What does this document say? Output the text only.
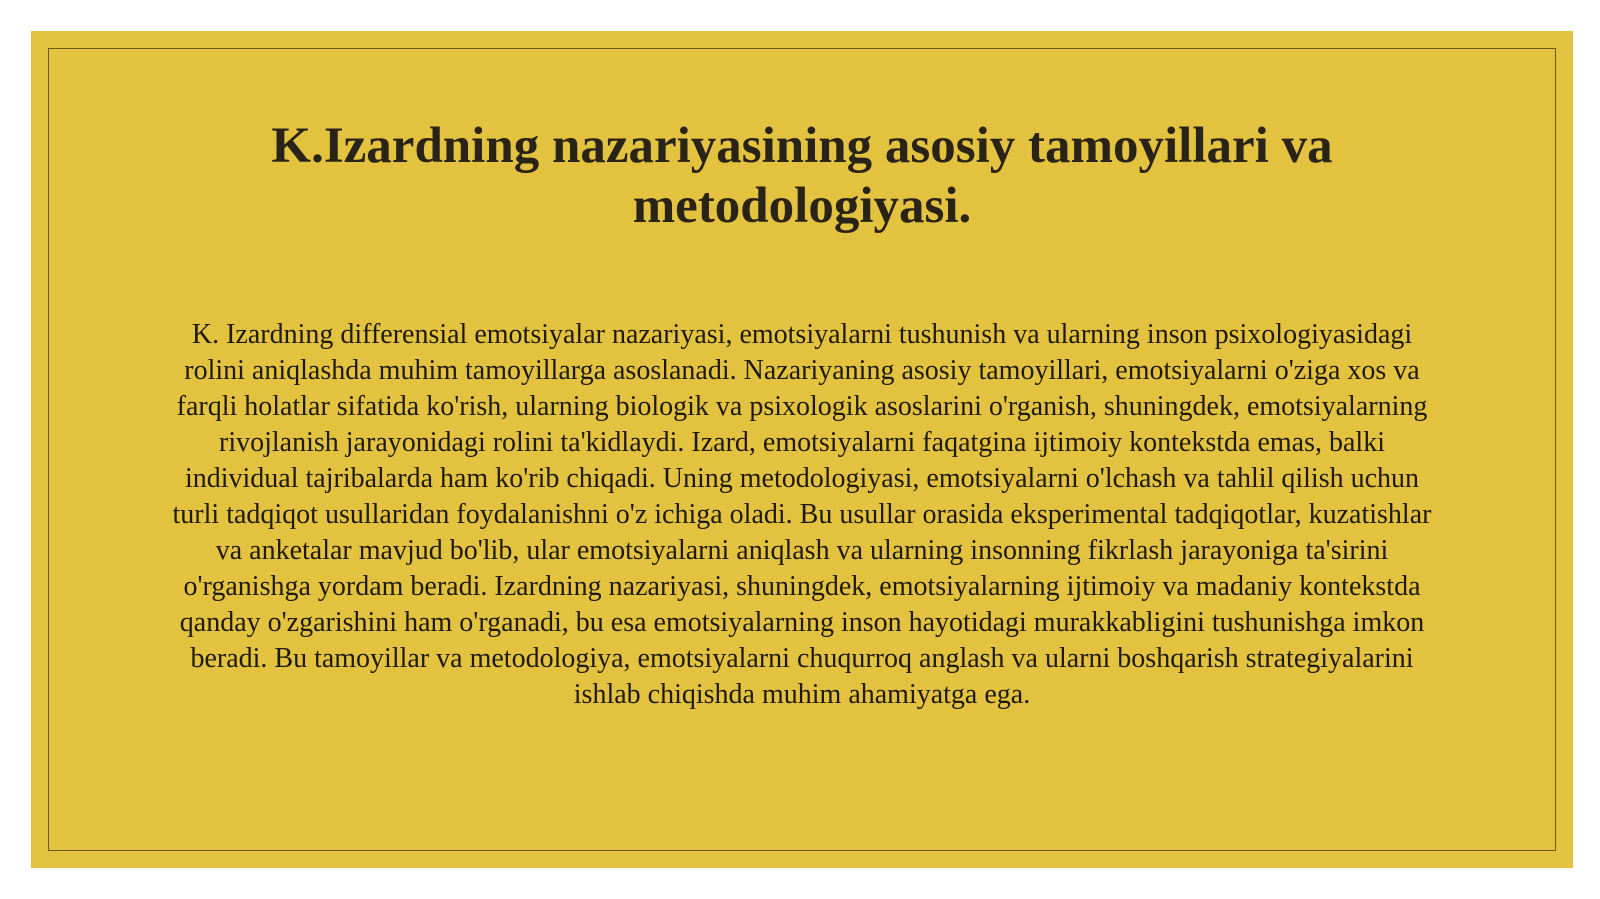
K.Izardning nazariyasining asosiy tamoyillari va metodologiyasi.

K. Izardning differensial emotsiyalar nazariyasi, emotsiyalarni tushunish va ularning inson psixologiyasidagi rolini aniqlashda muhim tamoyillarga asoslanadi. Nazariyaning asosiy tamoyillari, emotsiyalarni o'ziga xos va farqli holatlar sifatida ko'rish, ularning biologik va psixologik asoslarini o'rganish, shuningdek, emotsiyalarning rivojlanish jarayonidagi rolini ta'kidlaydi. Izard, emotsiyalarni faqatgina ijtimoiy kontekstda emas, balki individual tajribalarda ham ko'rib chiqadi. Uning metodologiyasi, emotsiyalarni o'lchash va tahlil qilish uchun turli tadqiqot usullaridan foydalanishni o'z ichiga oladi. Bu usullar orasida eksperimental tadqiqotlar, kuzatishlar va anketalar mavjud bo'lib, ular emotsiyalarni aniqlash va ularning insonning fikrlash jarayoniga ta'sirini o'rganishga yordam beradi. Izardning nazariyasi, shuningdek, emotsiyalarning ijtimoiy va madaniy kontekstda qanday o'zgarishini ham o'rganadi, bu esa emotsiyalarning inson hayotidagi murakkabligini tushunishga imkon beradi. Bu tamoyillar va metodologiya, emotsiyalarni chuqurroq anglash va ularni boshqarish strategiyalarini ishlab chiqishda muhim ahamiyatga ega.
